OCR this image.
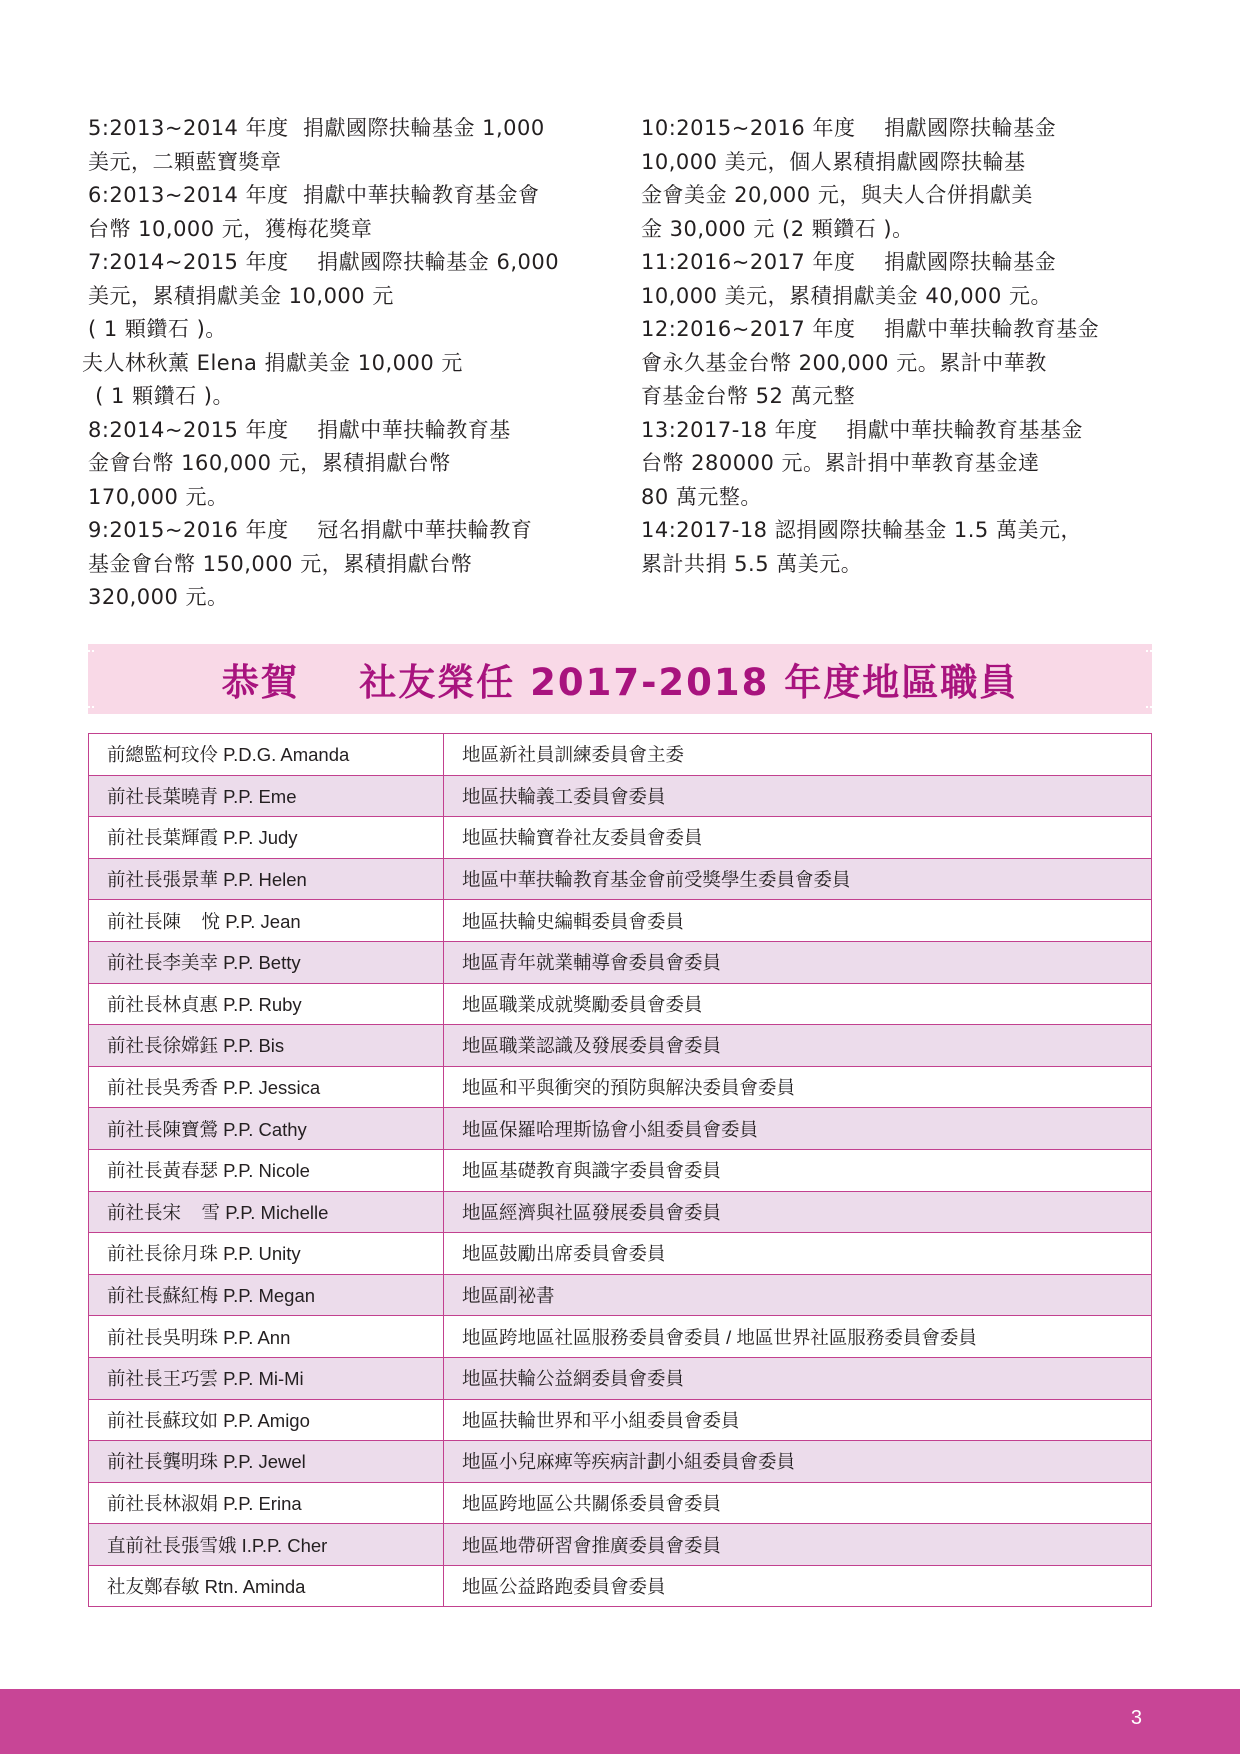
5:2013~2014 年度  捐獻國際扶輪基金 1,000
美元，二顆藍寶獎章
6:2013~2014 年度  捐獻中華扶輪教育基金會
台幣 10,000 元，獲梅花獎章
7:2014~2015 年度    捐獻國際扶輪基金 6,000
美元，累積捐獻美金 10,000 元
( 1 顆鑽石 )。
夫人林秋薰 Elena 捐獻美金 10,000 元
( 1 顆鑽石 )。
8:2014~2015 年度    捐獻中華扶輪教育基
金會台幣 160,000 元，累積捐獻台幣
170,000 元。
9:2015~2016 年度    冠名捐獻中華扶輪教育
基金會台幣 150,000 元，累積捐獻台幣
320,000 元。
10:2015~2016 年度    捐獻國際扶輪基金
10,000 美元，個人累積捐獻國際扶輪基
金會美金 20,000 元，與夫人合併捐獻美
金 30,000 元 (2 顆鑽石 )。
11:2016~2017 年度    捐獻國際扶輪基金
10,000 美元，累積捐獻美金 40,000 元。
12:2016~2017 年度    捐獻中華扶輪教育基金
會永久基金台幣 200,000 元。累計中華教
育基金台幣 52 萬元整
13:2017-18 年度    捐獻中華扶輪教育基基金
台幣 280000 元。累計捐中華教育基金達
80 萬元整。
14:2017-18 認捐國際扶輪基金 1.5 萬美元，
累計共捐 5.5 萬美元。
恭賀    社友榮任 2017-2018 年度地區職員
前總監柯玟伶 P.D.G. Amanda	地區新社員訓練委員會主委
前社長葉曉青 P.P. Eme	地區扶輪義工委員會委員
前社長葉輝霞 P.P. Judy	地區扶輪寶眷社友委員會委員
前社長張景華 P.P. Helen	地區中華扶輪教育基金會前受獎學生委員會委員
前社長陳    悅 P.P. Jean	地區扶輪史編輯委員會委員
前社長李美幸 P.P. Betty	地區青年就業輔導會委員會委員
前社長林貞惠 P.P. Ruby	地區職業成就獎勵委員會委員
前社長徐嫦鈺 P.P. Bis	地區職業認識及發展委員會委員
前社長吳秀香 P.P. Jessica	地區和平與衝突的預防與解決委員會委員
前社長陳寶鶯 P.P. Cathy	地區保羅哈理斯協會小組委員會委員
前社長黃春瑟 P.P. Nicole	地區基礎教育與識字委員會委員
前社長宋    雪 P.P. Michelle	地區經濟與社區發展委員會委員
前社長徐月珠 P.P. Unity	地區鼓勵出席委員會委員
前社長蘇紅梅 P.P. Megan	地區副祕書
前社長吳明珠 P.P. Ann	地區跨地區社區服務委員會委員 / 地區世界社區服務委員會委員
前社長王巧雲 P.P. Mi-Mi	地區扶輪公益網委員會委員
前社長蘇玟如 P.P. Amigo	地區扶輪世界和平小組委員會委員
前社長龔明珠 P.P. Jewel	地區小兒麻痺等疾病計劃小組委員會委員
前社長林淑娟 P.P. Erina	地區跨地區公共關係委員會委員
直前社長張雪娥 I.P.P. Cher	地區地帶研習會推廣委員會委員
社友鄭春敏 Rtn. Aminda	地區公益路跑委員會委員
3
